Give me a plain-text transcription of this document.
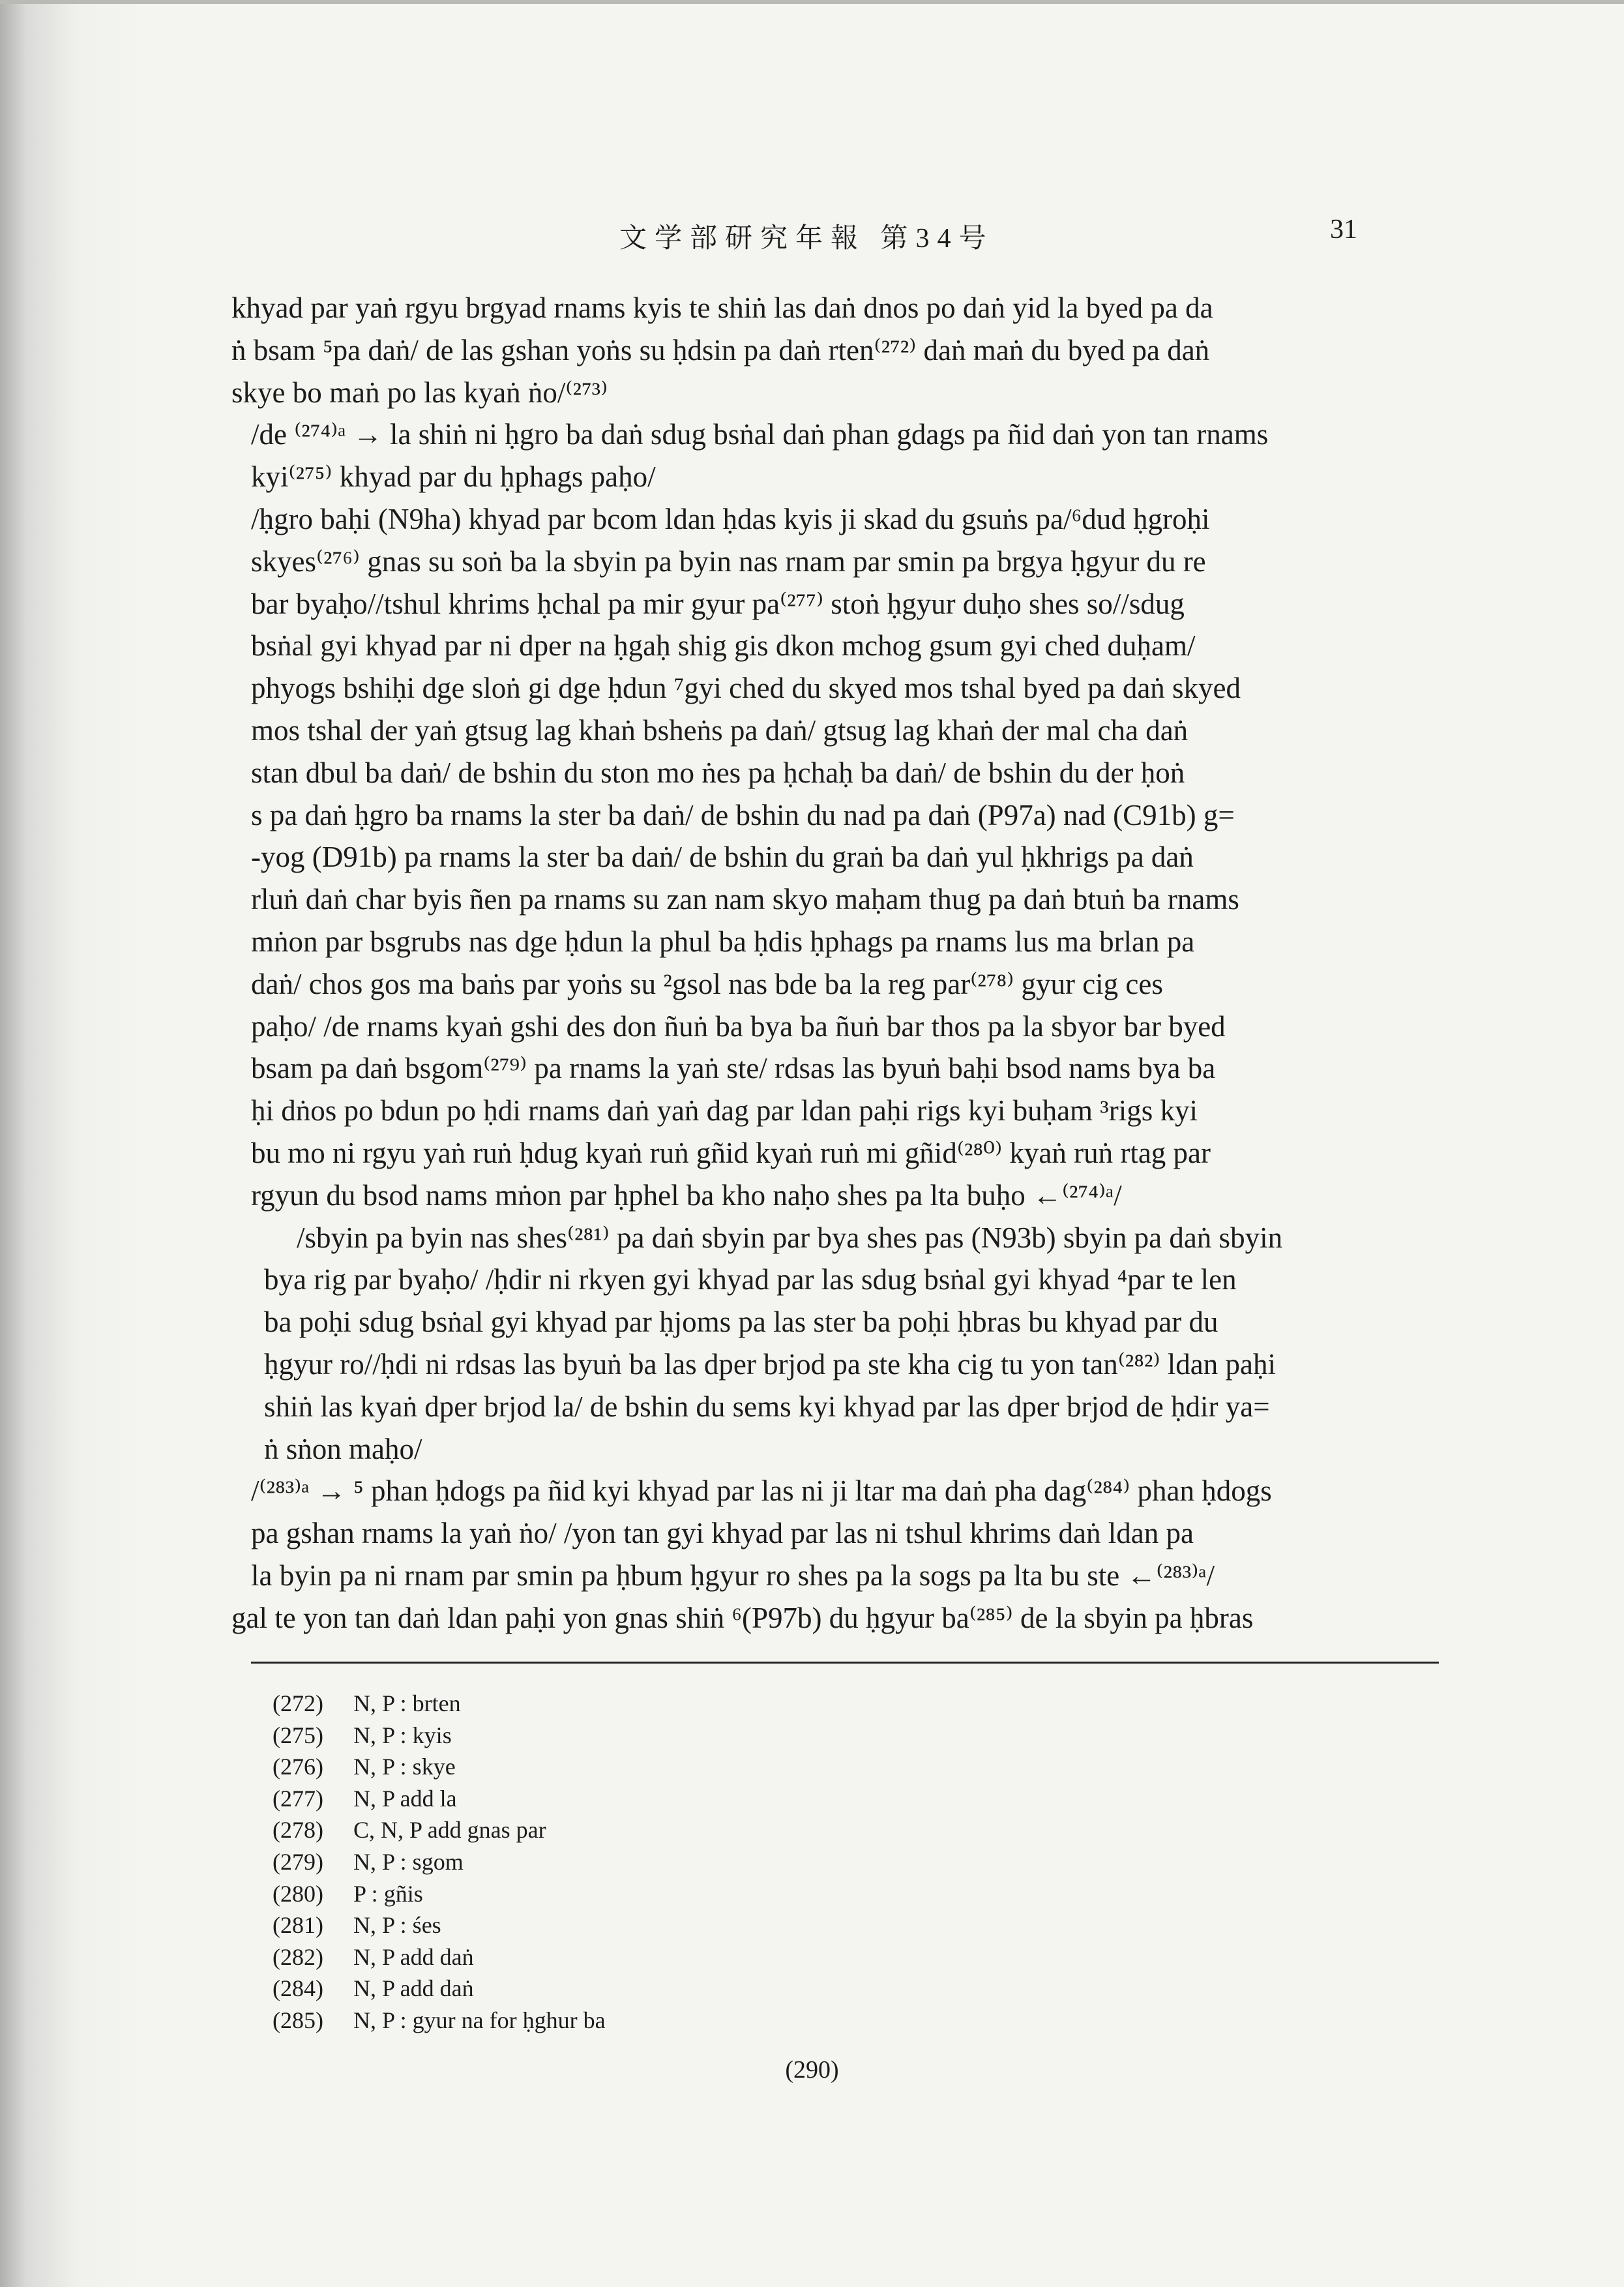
文学部研究年報 第34号	31

khyad par yaṅ rgyu brgyad rnams kyis te shiṅ las daṅ dnos po daṅ yid la byed pa da

ṅ bsam ⁵pa daṅ/ de las gshan yoṅs su ḥdsin pa daṅ rten⁽²⁷²⁾ daṅ maṅ du byed pa daṅ

skye bo maṅ po las kyaṅ ṅo/⁽²⁷³⁾

/de ⁽²⁷⁴⁾ᵃ → la shiṅ ni ḥgro ba daṅ sdug bsṅal daṅ phan gdags pa ñid daṅ yon tan rnams

kyi⁽²⁷⁵⁾ khyad par du ḥphags paḥo/

/ḥgro baḥi (N9ha) khyad par bcom ldan ḥdas kyis ji skad du gsuṅs pa/⁶dud ḥgroḥi

skyes⁽²⁷⁶⁾ gnas su soṅ ba la sbyin pa byin nas rnam par smin pa brgya ḥgyur du re

bar byaḥo//tshul khrims ḥchal pa mir gyur pa⁽²⁷⁷⁾ stoṅ ḥgyur duḥo shes so//sdug

bsṅal gyi khyad par ni dper na ḥgaḥ shig gis dkon mchog gsum gyi ched duḥam/

phyogs bshiḥi dge sloṅ gi dge ḥdun ⁷gyi ched du skyed mos tshal byed pa daṅ skyed

mos tshal der yaṅ gtsug lag khaṅ bsheṅs pa daṅ/ gtsug lag khaṅ der mal cha daṅ

stan dbul ba daṅ/ de bshin du ston mo ṅes pa ḥchaḥ ba daṅ/ de bshin du der ḥoṅ

s pa daṅ ḥgro ba rnams la ster ba daṅ/ de bshin du nad pa daṅ (P97a) nad (C91b) g=

-yog (D91b) pa rnams la ster ba daṅ/ de bshin du graṅ ba daṅ yul ḥkhrigs pa daṅ

rluṅ daṅ char byis ñen pa rnams su zan nam skyo maḥam thug pa daṅ btuṅ ba rnams

mṅon par bsgrubs nas dge ḥdun la phul ba ḥdis ḥphags pa rnams lus ma brlan pa

daṅ/ chos gos ma baṅs par yoṅs su ²gsol nas bde ba la reg par⁽²⁷⁸⁾ gyur cig ces

paḥo/ /de rnams kyaṅ gshi des don ñuṅ ba bya ba ñuṅ bar thos pa la sbyor bar byed

bsam pa daṅ bsgom⁽²⁷⁹⁾ pa rnams la yaṅ ste/ rdsas las byuṅ baḥi bsod nams bya ba

ḥi dṅos po bdun po ḥdi rnams daṅ yaṅ dag par ldan paḥi rigs kyi buḥam ³rigs kyi

bu mo ni rgyu yaṅ ruṅ ḥdug kyaṅ ruṅ gñid kyaṅ ruṅ mi gñid⁽²⁸⁰⁾ kyaṅ ruṅ rtag par

rgyun du bsod nams mṅon par ḥphel ba kho naḥo shes pa lta buḥo ←⁽²⁷⁴⁾ᵃ/

/sbyin pa byin nas shes⁽²⁸¹⁾ pa daṅ sbyin par bya shes pas (N93b) sbyin pa daṅ sbyin

bya rig par byaḥo/ /ḥdir ni rkyen gyi khyad par las sdug bsṅal gyi khyad ⁴par te len

ba poḥi sdug bsṅal gyi khyad par ḥjoms pa las ster ba poḥi ḥbras bu khyad par du

ḥgyur ro//ḥdi ni rdsas las byuṅ ba las dper brjod pa ste kha cig tu yon tan⁽²⁸²⁾ ldan paḥi

shiṅ las kyaṅ dper brjod la/ de bshin du sems kyi khyad par las dper brjod de ḥdir ya=

ṅ sṅon maḥo/

/⁽²⁸³⁾ᵃ → ⁵ phan ḥdogs pa ñid kyi khyad par las ni ji ltar ma daṅ pha dag⁽²⁸⁴⁾ phan ḥdogs

pa gshan rnams la yaṅ ṅo/ /yon tan gyi khyad par las ni tshul khrims daṅ ldan pa

la byin pa ni rnam par smin pa ḥbum ḥgyur ro shes pa la sogs pa lta bu ste ←⁽²⁸³⁾ᵃ/

gal te yon tan daṅ ldan paḥi yon gnas shiṅ ⁶(P97b) du ḥgyur ba⁽²⁸⁵⁾ de la sbyin pa ḥbras

(272) N, P : brten
(275) N, P : kyis
(276) N, P : skye
(277) N, P add la
(278) C, N, P add gnas par
(279) N, P : sgom
(280) P : gñis
(281) N, P : śes
(282) N, P add daṅ
(284) N, P add daṅ
(285) N, P : gyur na for ḥghur ba
(290)
